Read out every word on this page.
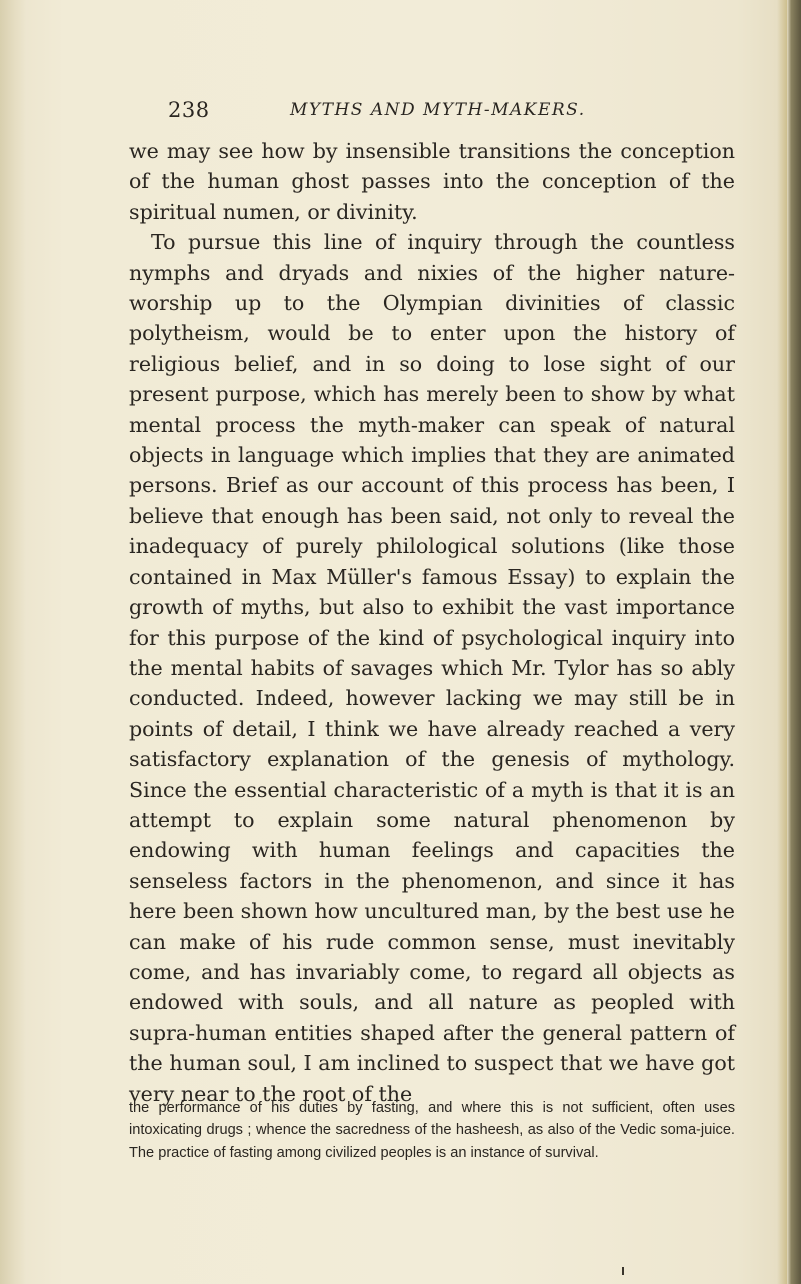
238	MYTHS AND MYTH-MAKERS.

we may see how by insensible transitions the conception of the human ghost passes into the conception of the spiritual numen, or divinity.

To pursue this line of inquiry through the countless nymphs and dryads and nixies of the higher nature-worship up to the Olympian divinities of classic polytheism, would be to enter upon the history of religious belief, and in so doing to lose sight of our present purpose, which has merely been to show by what mental process the myth-maker can speak of natural objects in language which implies that they are animated persons. Brief as our account of this process has been, I believe that enough has been said, not only to reveal the inadequacy of purely philological solutions (like those contained in Max Müller's famous Essay) to explain the growth of myths, but also to exhibit the vast importance for this purpose of the kind of psychological inquiry into the mental habits of savages which Mr. Tylor has so ably conducted. Indeed, however lacking we may still be in points of detail, I think we have already reached a very satisfactory explanation of the genesis of mythology. Since the essential characteristic of a myth is that it is an attempt to explain some natural phenomenon by endowing with human feelings and capacities the senseless factors in the phenomenon, and since it has here been shown how uncultured man, by the best use he can make of his rude common sense, must inevitably come, and has invariably come, to regard all objects as endowed with souls, and all nature as peopled with supra-human entities shaped after the general pattern of the human soul, I am inclined to suspect that we have got very near to the root of the

the performance of his duties by fasting, and where this is not sufficient, often uses intoxicating drugs ; whence the sacredness of the hasheesh, as also of the Vedic soma-juice. The practice of fasting among civilized peoples is an instance of survival.
